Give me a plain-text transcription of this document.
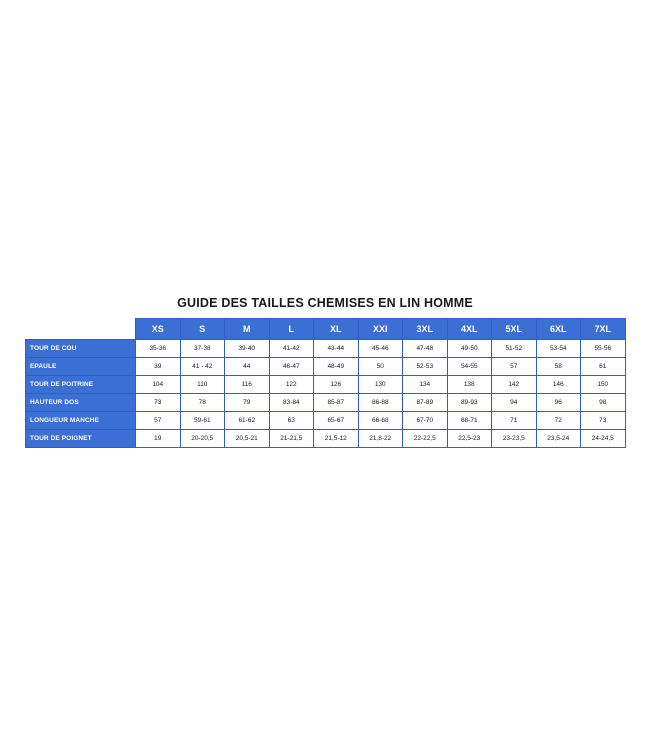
GUIDE DES TAILLES CHEMISES EN LIN HOMME
	XS	S	M	L	XL	XXI	3XL	4XL	5XL	6XL	7XL
TOUR DE COU	35-36	37-38	39-40	41-42	43-44	45-46	47-48	49-50	51-52	53-54	55-56
EPAULE	39	41 - 42	44	46-47	48-49	50	52-53	54-55	57	58	61
TOUR DE POITRINE	104	110	116	122	126	130	134	138	142	146	150
HAUTEUR DOS	73	78	79	83-84	85-87	86-88	87-89	89-93	94	96	98
LONGUEUR MANCHE	57	59-61	61-62	63	65-67	66-68	67-70	68-71	71	72	73
TOUR DE POIGNET	19	20-20,5	20,5-21	21-21,5	21,5-12	21,8-22	22-22,5	22,5-23	23-23,5	23,5-24	24-24,5
